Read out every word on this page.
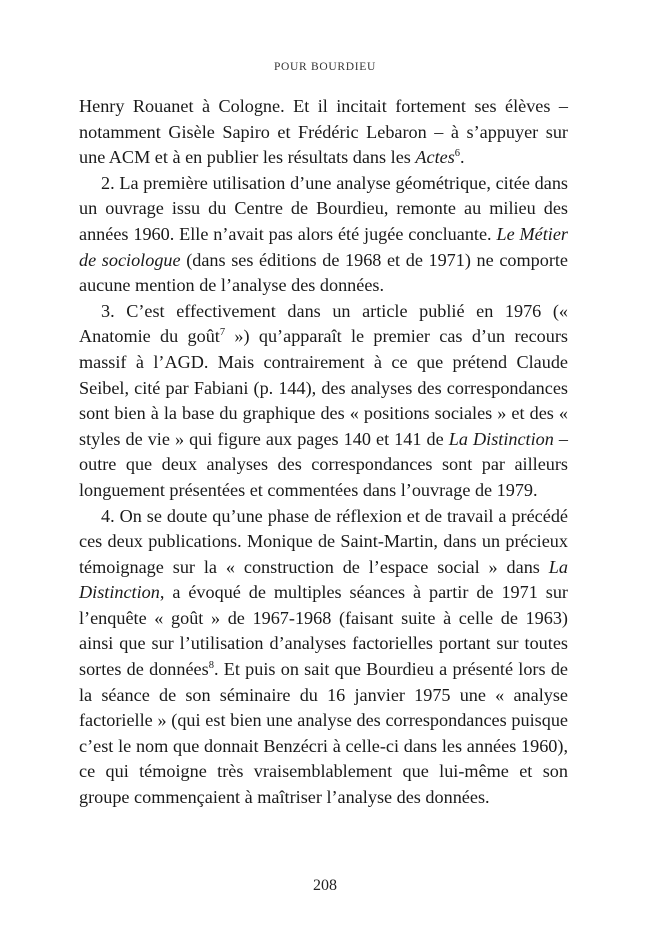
POUR BOURDIEU

Henry Rouanet à Cologne. Et il incitait fortement ses élèves – notamment Gisèle Sapiro et Frédéric Lebaron – à s’appuyer sur une ACM et à en publier les résultats dans les Actes$^6$.

2. La première utilisation d’une analyse géométrique, citée dans un ouvrage issu du Centre de Bourdieu, remonte au milieu des années 1960. Elle n’avait pas alors été jugée concluante. Le Métier de sociologue (dans ses éditions de 1968 et de 1971) ne comporte aucune mention de l’analyse des données.

3. C’est effectivement dans un article publié en 1976 (« Anatomie du goût$^7$ ») qu’apparaît le premier cas d’un recours massif à l’AGD. Mais contrairement à ce que prétend Claude Seibel, cité par Fabiani (p. 144), des analyses des correspondances sont bien à la base du graphique des « positions sociales » et des « styles de vie » qui figure aux pages 140 et 141 de La Distinction – outre que deux analyses des correspondances sont par ailleurs longuement présentées et commentées dans l’ouvrage de 1979.

4. On se doute qu’une phase de réflexion et de travail a précédé ces deux publications. Monique de Saint-Martin, dans un précieux témoignage sur la « construction de l’espace social » dans La Distinction, a évoqué de multiples séances à partir de 1971 sur l’enquête « goût » de 1967-1968 (faisant suite à celle de 1963) ainsi que sur l’utilisation d’analyses factorielles portant sur toutes sortes de données$^8$. Et puis on sait que Bourdieu a présenté lors de la séance de son séminaire du 16 janvier 1975 une « analyse factorielle » (qui est bien une analyse des correspondances puisque c’est le nom que donnait Benzécri à celle-ci dans les années 1960), ce qui témoigne très vraisemblablement que lui-même et son groupe commençaient à maîtriser l’analyse des données.

208
